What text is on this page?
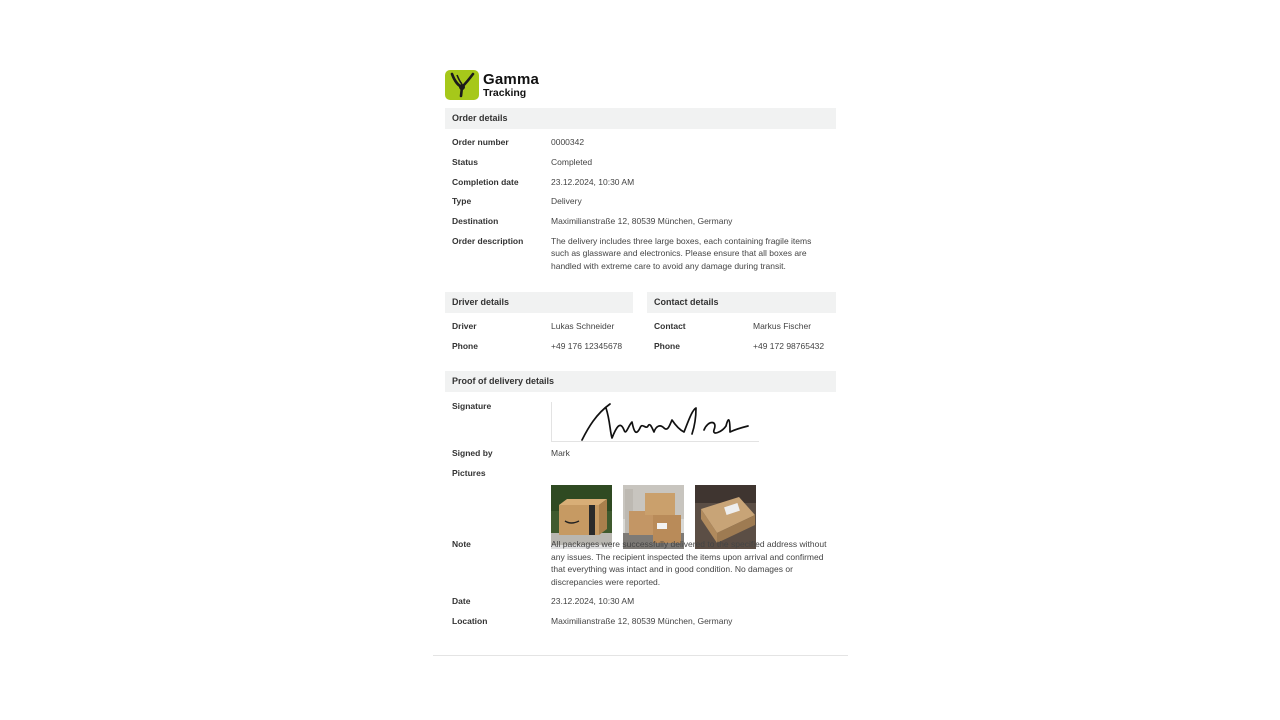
Gamma
Tracking
Order details
Order number	0000342
Status	Completed
Completion date	23.12.2024, 10:30 AM
Type	Delivery
Destination	Maximilianstraße 12, 80539 München, Germany
Order description	The delivery includes three large boxes, each containing fragile items such as glassware and electronics. Please ensure that all boxes are handled with extreme care to avoid any damage during transit.
Driver details
Driver	Lukas Schneider
Phone	+49 176 12345678
Contact details
Contact	Markus Fischer
Phone	+49 172 98765432
Proof of delivery details
Signature
Signed by	Mark
Pictures
Note	All packages were successfully delivered to the specified address without any issues. The recipient inspected the items upon arrival and confirmed that everything was intact and in good condition. No damages or discrepancies were reported.
Date	23.12.2024, 10:30 AM
Location	Maximilianstraße 12, 80539 München, Germany
